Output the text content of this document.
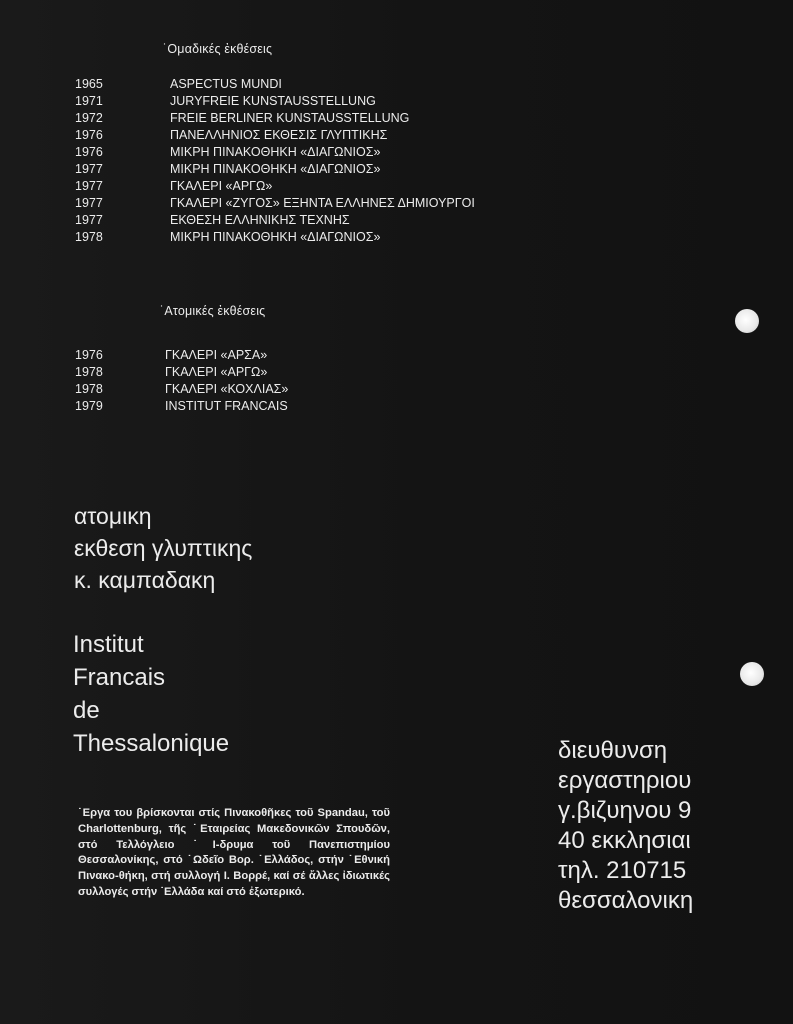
˙Ομαδικές ἐκθέσεις
1965	ASPECTUS MUNDI
1971	JURYFREIE KUNSTAUSSTELLUNG
1972	FREIE BERLINER KUNSTAUSSTELLUNG
1976	ΠΑΝΕΛΛΗΝΙΟΣ ΕΚΘΕΣΙΣ ΓΛΥΠΤΙΚΗΣ
1976	ΜΙΚΡΗ ΠΙΝΑΚΟΘΗΚΗ «ΔΙΑΓΩΝΙΟΣ»
1977	ΜΙΚΡΗ ΠΙΝΑΚΟΘΗΚΗ «ΔΙΑΓΩΝΙΟΣ»
1977	ΓΚΑΛΕΡΙ «ΑΡΓΩ»
1977	ΓΚΑΛΕΡΙ «ΖΥΓΟΣ» ΕΞΗΝΤΑ ΕΛΛΗΝΕΣ ΔΗΜΙΟΥΡΓΟΙ
1977	ΕΚΘΕΣΗ ΕΛΛΗΝΙΚΗΣ ΤΕΧΝΗΣ
1978	ΜΙΚΡΗ ΠΙΝΑΚΟΘΗΚΗ «ΔΙΑΓΩΝΙΟΣ»
˙Ατομικές ἐκθέσεις
1976	ΓΚΑΛΕΡΙ «ΑΡΣΑ»
1978	ΓΚΑΛΕΡΙ «ΑΡΓΩ»
1978	ΓΚΑΛΕΡΙ «ΚΟΧΛΙΑΣ»
1979	INSTITUT FRANCAIS
ατομικη
εκθεση γλυπτικης
κ. καμπαδακη
Institut
Francais
de
Thessalonique
˙Εργα του βρίσκονται στίς Πινακοθῆκες τοῦ Spandau, τοῦ Charlottenburg, τῆς ˙Εταιρείας Μακεδονικῶν Σπουδῶν, στό Τελλόγλειο ˙Ι-δρυμα τοῦ Πανεπιστημίου Θεσσαλονίκης, στό ˙Ωδεῖο Βορ. ˙Ελλάδος, στήν ˙Εθνική Πινακο-θήκη, στή συλλογή Ι. Βορρέ, καί σέ ἄλλες ἰδιωτικές συλλογές στήν ˙Ελλάδα καί στό ἐξωτερικό.
διευθυνση
εργαστηριου
γ.βιζυηνου 9
40 εκκλησιαι
τηλ. 210715
θεσσαλονικη
